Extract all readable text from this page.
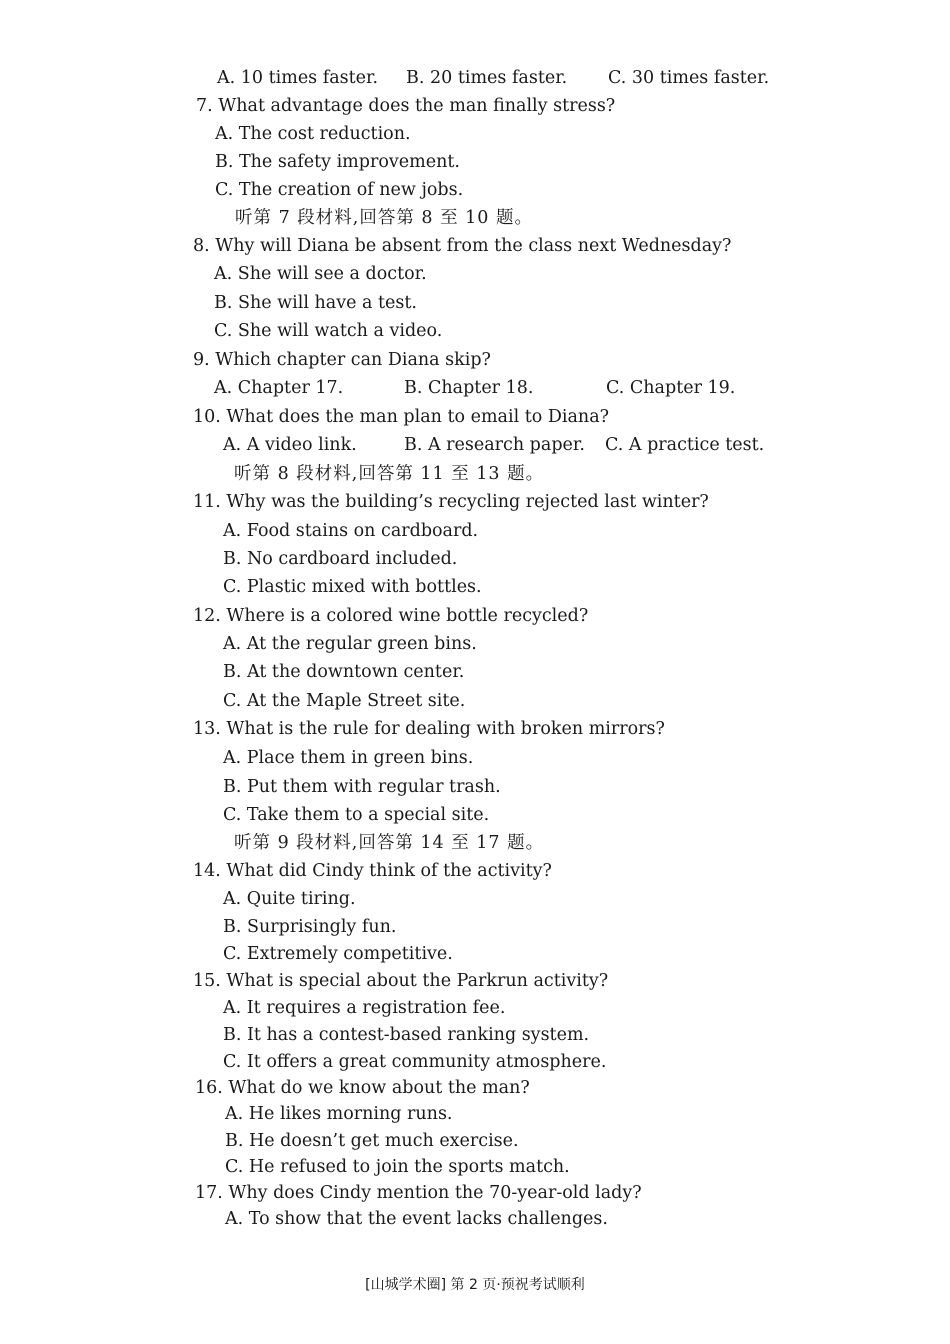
A. 10 times faster. B. 20 times faster. C. 30 times faster.
7. What advantage does the man finally stress?
A. The cost reduction.
B. The safety improvement.
C. The creation of new jobs.
听第 7 段材料,回答第 8 至 10 题。
8. Why will Diana be absent from the class next Wednesday?
A. She will see a doctor.
B. She will have a test.
C. She will watch a video.
9. Which chapter can Diana skip?
A. Chapter 17.	B. Chapter 18.	C. Chapter 19.
10. What does the man plan to email to Diana?
A. A video link.	B. A research paper. C. A practice test.
听第 8 段材料,回答第 11 至 13 题。
11. Why was the building’s recycling rejected last winter?
A. Food stains on cardboard.
B. No cardboard included.
C. Plastic mixed with bottles.
12. Where is a colored wine bottle recycled?
A. At the regular green bins.
B. At the downtown center.
C. At the Maple Street site.
13. What is the rule for dealing with broken mirrors?
A. Place them in green bins.
B. Put them with regular trash.
C. Take them to a special site.
听第 9 段材料,回答第 14 至 17 题。
14. What did Cindy think of the activity?
A. Quite tiring.
B. Surprisingly fun.
C. Extremely competitive.
15. What is special about the Parkrun activity?
A. It requires a registration fee.
B. It has a contest-based ranking system.
C. It offers a great community atmosphere.
16. What do we know about the man?
A. He likes morning runs.
B. He doesn’t get much exercise.
C. He refused to join the sports match.
17. Why does Cindy mention the 70-year-old lady?
A. To show that the event lacks challenges.
[山城学术圈] 第 2 页·预祝考试顺利
